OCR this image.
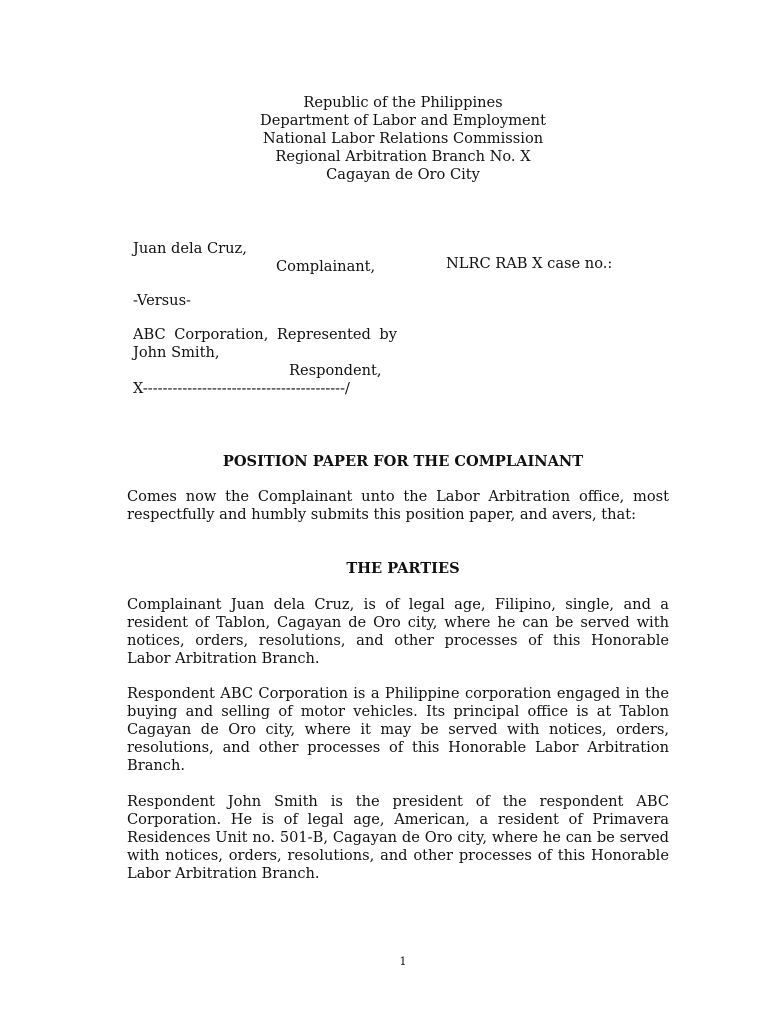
Republic of the Philippines
Department of Labor and Employment
National Labor Relations Commission
Regional Arbitration Branch No. X
Cagayan de Oro City
Juan dela Cruz,
Complainant,	NLRC RAB X case no.:
-Versus-
ABC Corporation, Represented by
John Smith,
Respondent,
X-----------------------------------------/
POSITION PAPER FOR THE COMPLAINANT
Comes now the Complainant unto the Labor Arbitration office, most respectfully and humbly submits this position paper, and avers, that:
THE PARTIES
Complainant Juan dela Cruz, is of legal age, Filipino, single, and a resident of Tablon, Cagayan de Oro city, where he can be served with notices, orders, resolutions, and other processes of this Honorable Labor Arbitration Branch.
Respondent ABC Corporation is a Philippine corporation engaged in the buying and selling of motor vehicles. Its principal office is at Tablon Cagayan de Oro city, where it may be served with notices, orders, resolutions, and other processes of this Honorable Labor Arbitration Branch.
Respondent John Smith is the president of the respondent ABC Corporation. He is of legal age, American, a resident of Primavera Residences Unit no. 501-B, Cagayan de Oro city, where he can be served with notices, orders, resolutions, and other processes of this Honorable Labor Arbitration Branch.
1
